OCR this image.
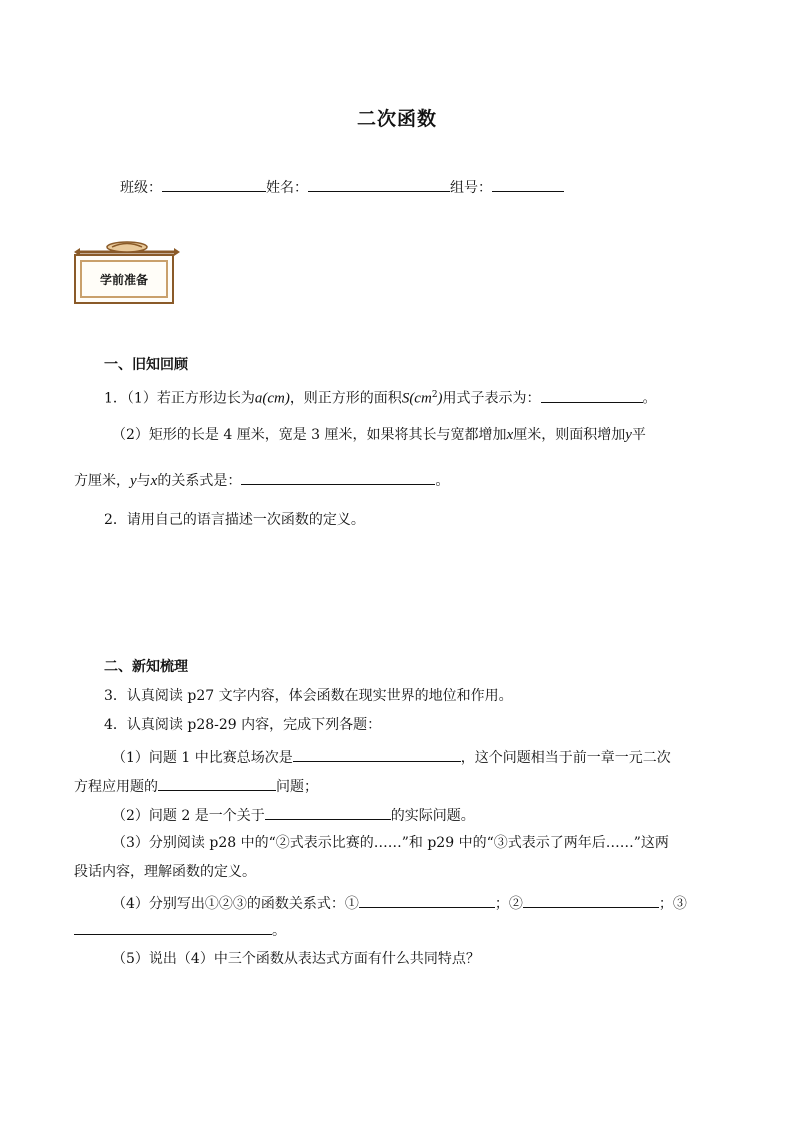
二次函数
班级：	姓名：	组号：
学前准备
一、旧知回顾
1．（1）若正方形边长为a(cm)，则正方形的面积$S(cm^2)$用式子表示为：	。
（2）矩形的长是 4 厘米，宽是 3 厘米，如果将其长与宽都增加x厘米，则面积增加y平
方厘米，y与x的关系式是：	。
2．请用自己的语言描述一次函数的定义。
二、新知梳理
3．认真阅读 p27 文字内容，体会函数在现实世界的地位和作用。
4．认真阅读 p28-29 内容，完成下列各题：
（1）问题 1 中比赛总场次是	，这个问题相当于前一章一元二次
方程应用题的	问题；
（2）问题 2 是一个关于	的实际问题。
（3）分别阅读 p28 中的“②式表示比赛的……”和 p29 中的“③式表示了两年后……”这两
段话内容，理解函数的定义。
（4）分别写出①②③的函数关系式：①	；②	；③
。
（5）说出（4）中三个函数从表达式方面有什么共同特点？
